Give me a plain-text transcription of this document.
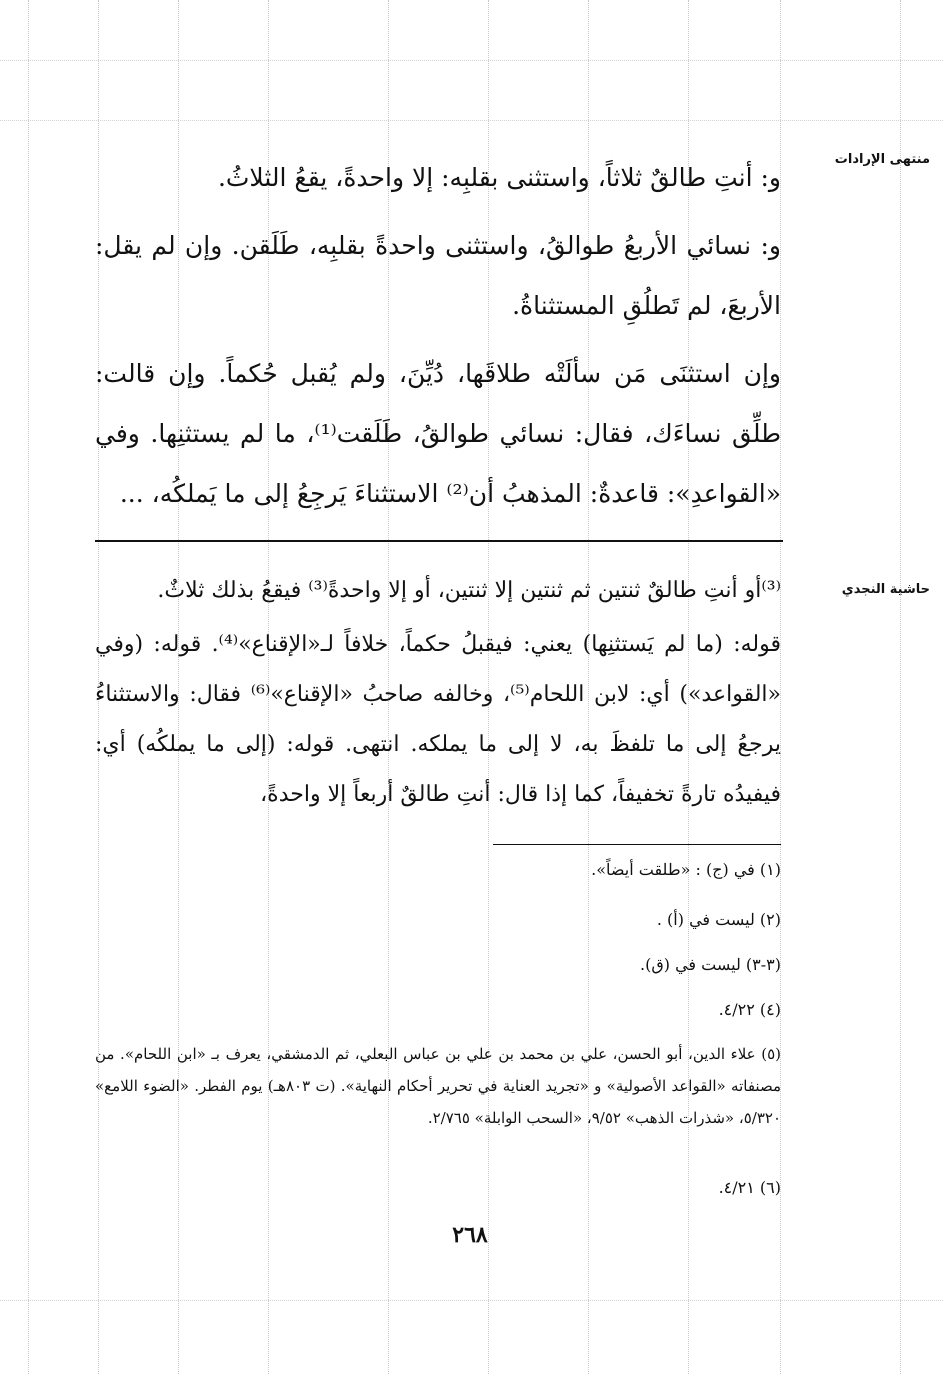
منتهى الإرادات
حاشية النجدي

و: أنتِ طالقٌ ثلاثاً، واستثنى بقلبِه: إلا واحدةً، يقعُ الثلاثُ.

و: نسائي الأربعُ طوالقُ، واستثنى واحدةً بقلبِه، طَلَقن. وإن لم يقل: الأربعَ، لم تَطلُقِ المستثناةُ.

وإن استثنَى مَن سألَتْه طلاقَها، دُيِّنَ، ولم يُقبل حُكماً. وإن قالت: طلِّق نساءَك، فقال: نسائي طوالقُ، طَلَقت⁽¹⁾، ما لم يستثنِها. وفي «القواعدِ»: قاعدةٌ: المذهبُ أن⁽²⁾ الاستثناءَ يَرجِعُ إلى ما يَملكُه، ...

⁽³⁾أو أنتِ طالقٌ ثنتين ثم ثنتين إلا ثنتين، أو إلا واحدةً⁽³⁾ فيقعُ بذلك ثلاثٌ.

قوله: (ما لم يَستثنِها) يعني: فيقبلُ حكماً، خلافاً لـ«الإقناع»⁽⁴⁾. قوله: (وفي «القواعد») أي: لابن اللحام⁽⁵⁾، وخالفه صاحبُ «الإقناع»⁽⁶⁾ فقال: والاستثناءُ يرجعُ إلى ما تلفظَ به، لا إلى ما يملكه. انتهى. قوله: (إلى ما يملكُه) أي: فيفيدُه تارةً تخفيفاً، كما إذا قال: أنتِ طالقٌ أربعاً إلا واحدةً،

(١) في (ج) : «طلقت أيضاً».
(٢) ليست في (أ) .
(٣-٣) ليست في (ق).
(٤) ٤/٢٢.

(٥) علاء الدين، أبو الحسن، علي بن محمد بن علي بن عباس البعلي، ثم الدمشقي، يعرف بـ «ابن اللحام». من مصنفاته «القواعد الأصولية» و «تجريد العناية في تحرير أحكام النهاية». (ت ٨٠٣هـ) يوم الفطر. «الضوء اللامع» ٥/٣٢٠، «شذرات الذهب» ٩/٥٢، «السحب الوابلة» ٢/٧٦٥.

(٦) ٤/٢١.
٢٦٨
